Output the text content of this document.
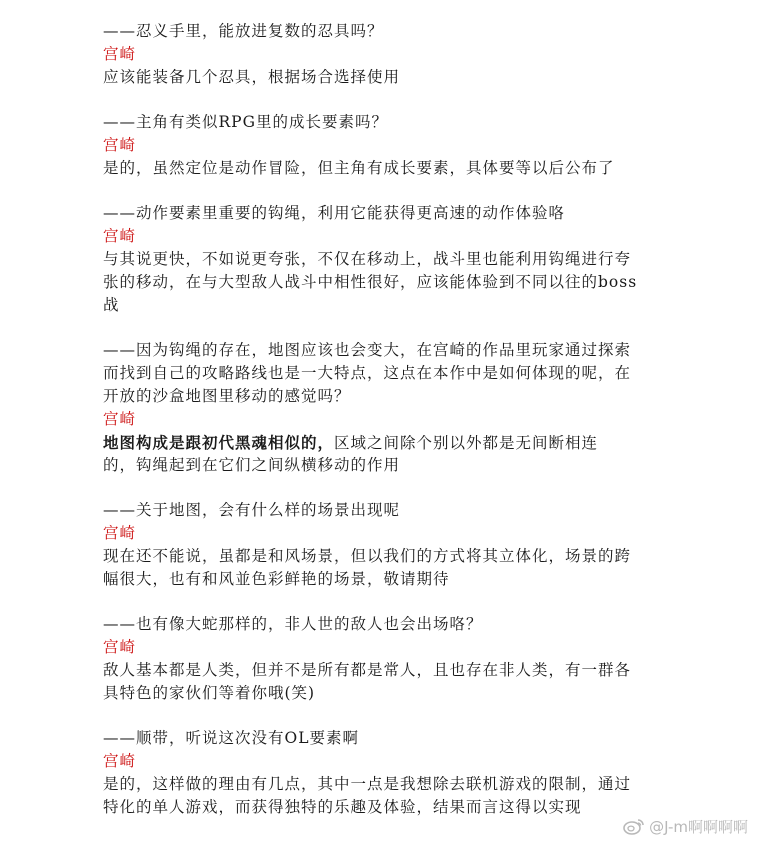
——忍义手里，能放进复数的忍具吗？
宫崎
应该能装备几个忍具，根据场合选择使用
——主角有类似RPG里的成长要素吗？
宫崎
是的，虽然定位是动作冒险，但主角有成长要素，具体要等以后公布了
——动作要素里重要的钩绳，利用它能获得更高速的动作体验咯
宫崎
与其说更快，不如说更夸张，不仅在移动上，战斗里也能利用钩绳进行夸
张的移动，在与大型敌人战斗中相性很好，应该能体验到不同以往的boss
战
——因为钩绳的存在，地图应该也会变大，在宫崎的作品里玩家通过探索
而找到自己的攻略路线也是一大特点，这点在本作中是如何体现的呢，在
开放的沙盒地图里移动的感觉吗？
宫崎
地图构成是跟初代黑魂相似的，区域之间除个别以外都是无间断相连
的，钩绳起到在它们之间纵横移动的作用
——关于地图，会有什么样的场景出现呢
宫崎
现在还不能说，虽都是和风场景，但以我们的方式将其立体化，场景的跨
幅很大，也有和风並色彩鲜艳的场景，敬请期待
——也有像大蛇那样的，非人世的敌人也会出场咯？
宫崎
敌人基本都是人类，但并不是所有都是常人，且也存在非人类，有一群各
具特色的家伙们等着你哦(笑)
——顺带，听说这次没有OL要素啊
宫崎
是的，这样做的理由有几点，其中一点是我想除去联机游戏的限制，通过
特化的单人游戏，而获得独特的乐趣及体验，结果而言这得以实现
@J-m啊啊啊啊
